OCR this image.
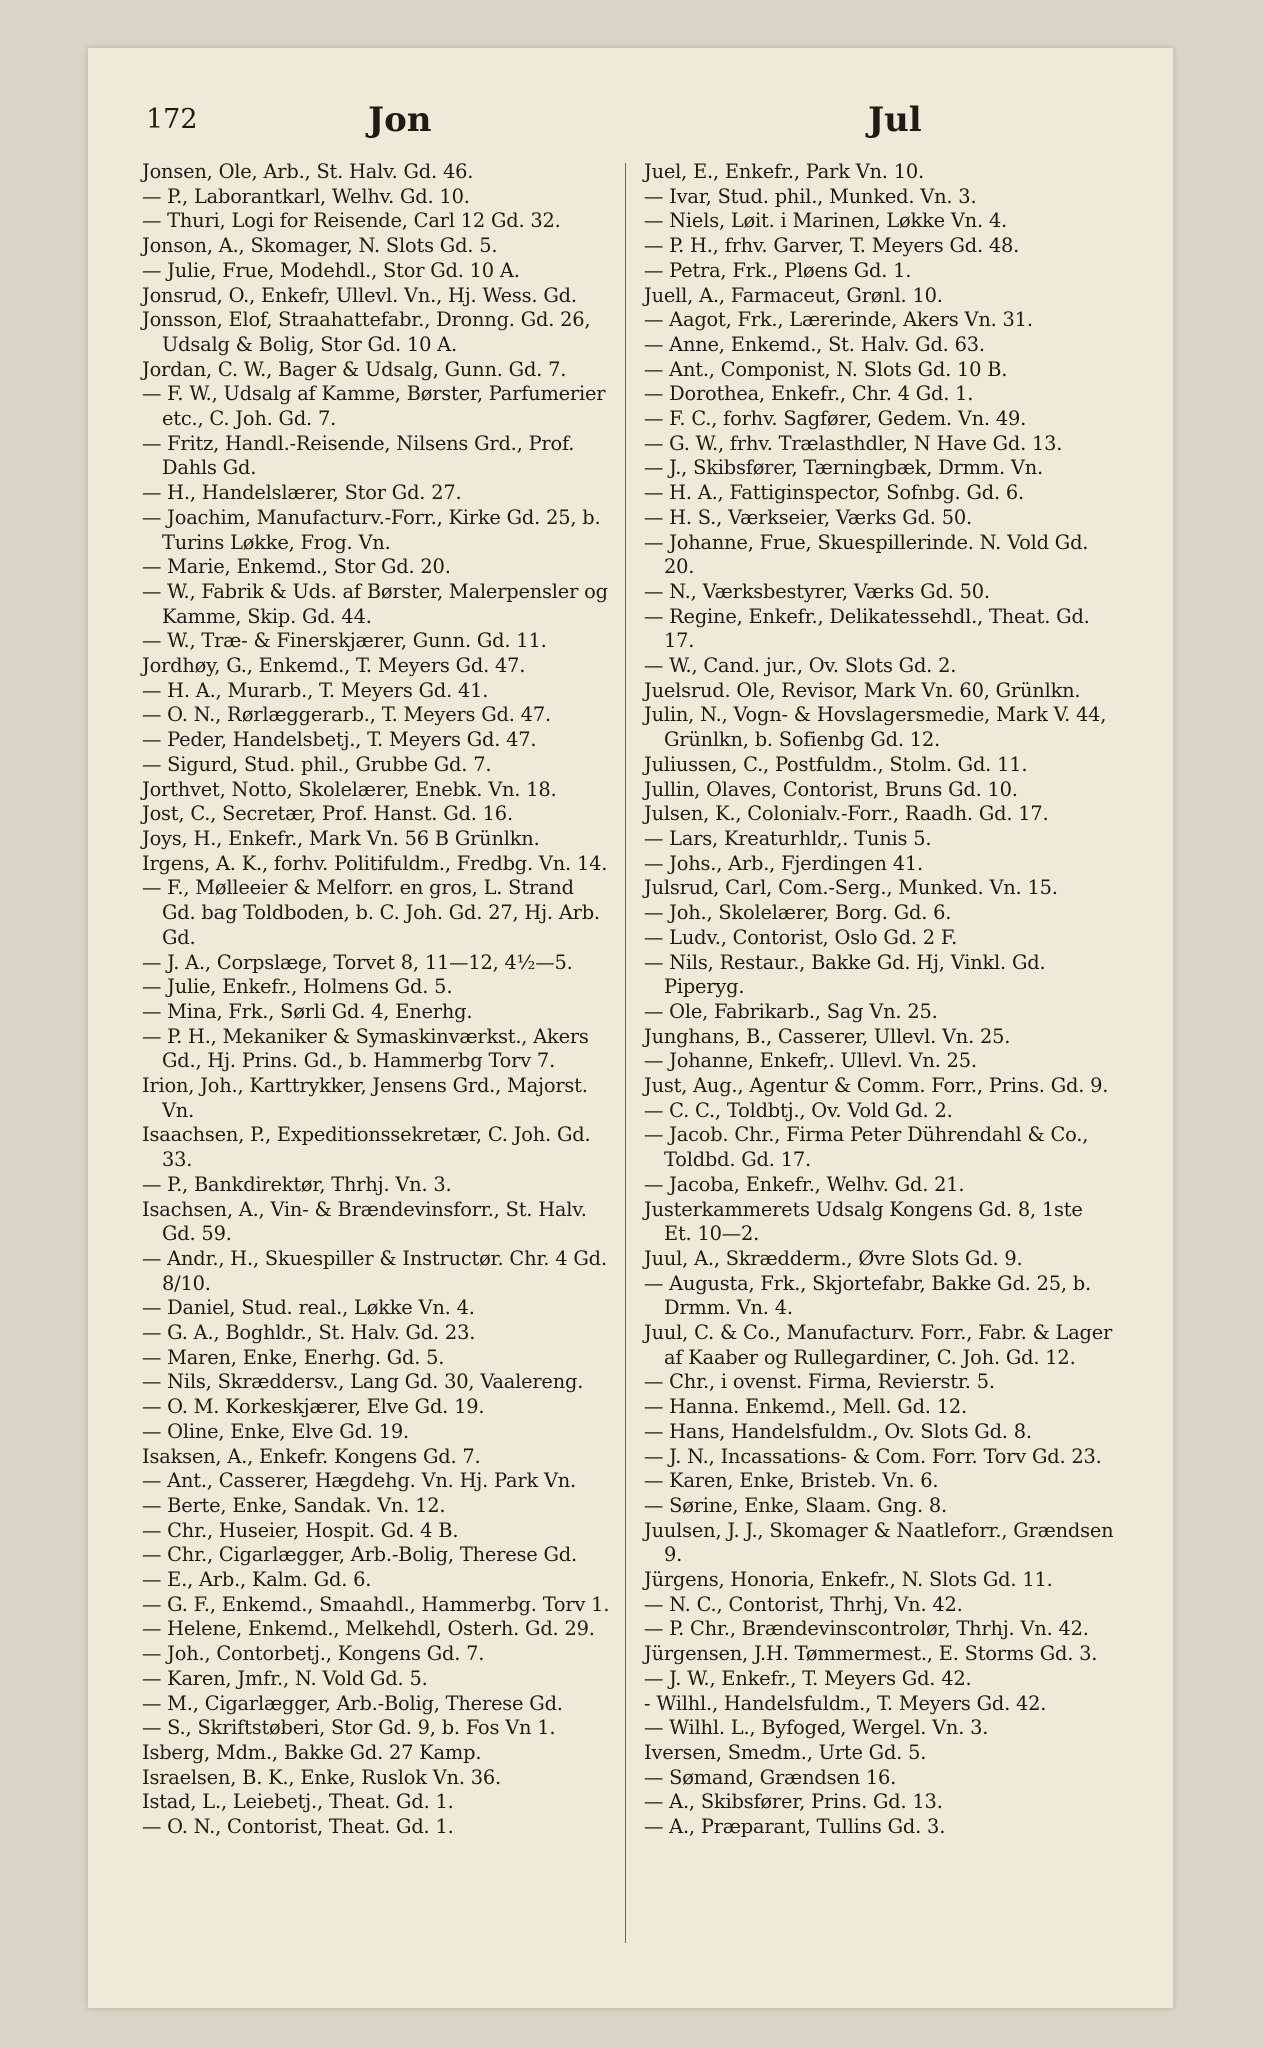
172	Jon	Jul
Jonsen, Ole, Arb., St. Halv. Gd. 46.
— P., Laborantkarl, Welhv. Gd. 10.
— Thuri, Logi for Reisende, Carl 12 Gd. 32.
Jonson, A., Skomager, N. Slots Gd. 5.
— Julie, Frue, Modehdl., Stor Gd. 10 A.
Jonsrud, O., Enkefr, Ullevl. Vn., Hj. Wess. Gd.
Jonsson, Elof, Straahattefabr., Dronng. Gd. 26, Udsalg & Bolig, Stor Gd. 10 A.
Jordan, C. W., Bager & Udsalg, Gunn. Gd. 7.
— F. W., Udsalg af Kamme, Børster, Parfumerier etc., C. Joh. Gd. 7.
— Fritz, Handl.-Reisende, Nilsens Grd., Prof. Dahls Gd.
— H., Handelslærer, Stor Gd. 27.
— Joachim, Manufacturv.-Forr., Kirke Gd. 25, b. Turins Løkke, Frog. Vn.
— Marie, Enkemd., Stor Gd. 20.
— W., Fabrik & Uds. af Børster, Malerpensler og Kamme, Skip. Gd. 44.
— W., Træ- & Finerskjærer, Gunn. Gd. 11.
Jordhøy, G., Enkemd., T. Meyers Gd. 47.
— H. A., Murarb., T. Meyers Gd. 41.
— O. N., Rørlæggerarb., T. Meyers Gd. 47.
— Peder, Handelsbetj., T. Meyers Gd. 47.
— Sigurd, Stud. phil., Grubbe Gd. 7.
Jorthvet, Notto, Skolelærer, Enebk. Vn. 18.
Jost, C., Secretær, Prof. Hanst. Gd. 16.
Joys, H., Enkefr., Mark Vn. 56 B Grünlkn.
Irgens, A. K., forhv. Politifuldm., Fredbg. Vn. 14.
— F., Mølleeier & Melforr. en gros, L. Strand Gd. bag Toldboden, b. C. Joh. Gd. 27, Hj. Arb. Gd.
— J. A., Corpslæge, Torvet 8, 11—12, 4½—5.
— Julie, Enkefr., Holmens Gd. 5.
— Mina, Frk., Sørli Gd. 4, Enerhg.
— P. H., Mekaniker & Symaskinværkst., Akers Gd., Hj. Prins. Gd., b. Hammerbg Torv 7.
Irion, Joh., Karttrykker, Jensens Grd., Majorst. Vn.
Isaachsen, P., Expeditionssekretær, C. Joh. Gd. 33.
— P., Bankdirektør, Thrhj. Vn. 3.
Isachsen, A., Vin- & Brændevinsforr., St. Halv. Gd. 59.
— Andr., H., Skuespiller & Instructør. Chr. 4 Gd. 8/10.
— Daniel, Stud. real., Løkke Vn. 4.
— G. A., Boghldr., St. Halv. Gd. 23.
— Maren, Enke, Enerhg. Gd. 5.
— Nils, Skræddersv., Lang Gd. 30, Vaalereng.
— O. M. Korkeskjærer, Elve Gd. 19.
— Oline, Enke, Elve Gd. 19.
Isaksen, A., Enkefr. Kongens Gd. 7.
— Ant., Casserer, Hægdehg. Vn. Hj. Park Vn.
— Berte, Enke, Sandak. Vn. 12.
— Chr., Huseier, Hospit. Gd. 4 B.
— Chr., Cigarlægger, Arb.-Bolig, Therese Gd.
— E., Arb., Kalm. Gd. 6.
— G. F., Enkemd., Smaahdl., Hammerbg. Torv 1.
— Helene, Enkemd., Melkehdl, Osterh. Gd. 29.
— Joh., Contorbetj., Kongens Gd. 7.
— Karen, Jmfr., N. Vold Gd. 5.
— M., Cigarlægger, Arb.-Bolig, Therese Gd.
— S., Skriftstøberi, Stor Gd. 9, b. Fos Vn 1.
Isberg, Mdm., Bakke Gd. 27 Kamp.
Israelsen, B. K., Enke, Ruslok Vn. 36.
Istad, L., Leiebetj., Theat. Gd. 1.
— O. N., Contorist, Theat. Gd. 1.
Juel, E., Enkefr., Park Vn. 10.
— Ivar, Stud. phil., Munked. Vn. 3.
— Niels, Løit. i Marinen, Løkke Vn. 4.
— P. H., frhv. Garver, T. Meyers Gd. 48.
— Petra, Frk., Pløens Gd. 1.
Juell, A., Farmaceut, Grønl. 10.
— Aagot, Frk., Lærerinde, Akers Vn. 31.
— Anne, Enkemd., St. Halv. Gd. 63.
— Ant., Componist, N. Slots Gd. 10 B.
— Dorothea, Enkefr., Chr. 4 Gd. 1.
— F. C., forhv. Sagfører, Gedem. Vn. 49.
— G. W., frhv. Trælasthdler, N Have Gd. 13.
— J., Skibsfører, Tærningbæk, Drmm. Vn.
— H. A., Fattiginspector, Sofnbg. Gd. 6.
— H. S., Værkseier, Værks Gd. 50.
— Johanne, Frue, Skuespillerinde. N. Vold Gd. 20.
— N., Værksbestyrer, Værks Gd. 50.
— Regine, Enkefr., Delikatessehdl., Theat. Gd. 17.
— W., Cand. jur., Ov. Slots Gd. 2.
Juelsrud. Ole, Revisor, Mark Vn. 60, Grünlkn.
Julin, N., Vogn- & Hovslagersmedie, Mark V. 44, Grünlkn, b. Sofienbg Gd. 12.
Juliussen, C., Postfuldm., Stolm. Gd. 11.
Jullin, Olaves, Contorist, Bruns Gd. 10.
Julsen, K., Colonialv.-Forr., Raadh. Gd. 17.
— Lars, Kreaturhldr,. Tunis 5.
— Johs., Arb., Fjerdingen 41.
Julsrud, Carl, Com.-Serg., Munked. Vn. 15.
— Joh., Skolelærer, Borg. Gd. 6.
— Ludv., Contorist, Oslo Gd. 2 F.
— Nils, Restaur., Bakke Gd. Hj, Vinkl. Gd. Piperyg.
— Ole, Fabrikarb., Sag Vn. 25.
Junghans, B., Casserer, Ullevl. Vn. 25.
— Johanne, Enkefr,. Ullevl. Vn. 25.
Just, Aug., Agentur & Comm. Forr., Prins. Gd. 9.
— C. C., Toldbtj., Ov. Vold Gd. 2.
— Jacob. Chr., Firma Peter Dührendahl & Co., Toldbd. Gd. 17.
— Jacoba, Enkefr., Welhv. Gd. 21.
Justerkammerets Udsalg Kongens Gd. 8, 1ste Et. 10—2.
Juul, A., Skrædderm., Øvre Slots Gd. 9.
— Augusta, Frk., Skjortefabr, Bakke Gd. 25, b. Drmm. Vn. 4.
Juul, C. & Co., Manufacturv. Forr., Fabr. & Lager af Kaaber og Rullegardiner, C. Joh. Gd. 12.
— Chr., i ovenst. Firma, Revierstr. 5.
— Hanna. Enkemd., Mell. Gd. 12.
— Hans, Handelsfuldm., Ov. Slots Gd. 8.
— J. N., Incassations- & Com. Forr. Torv Gd. 23.
— Karen, Enke, Bristeb. Vn. 6.
— Sørine, Enke, Slaam. Gng. 8.
Juulsen, J. J., Skomager & Naatleforr., Grændsen 9.
Jürgens, Honoria, Enkefr., N. Slots Gd. 11.
— N. C., Contorist, Thrhj, Vn. 42.
— P. Chr., Brændevinscontrolør, Thrhj. Vn. 42.
Jürgensen, J.H. Tømmermest., E. Storms Gd. 3.
— J. W., Enkefr., T. Meyers Gd. 42.
- Wilhl., Handelsfuldm., T. Meyers Gd. 42.
— Wilhl. L., Byfoged, Wergel. Vn. 3.
Iversen, Smedm., Urte Gd. 5.
— Sømand, Grændsen 16.
— A., Skibsfører, Prins. Gd. 13.
— A., Præparant, Tullins Gd. 3.
